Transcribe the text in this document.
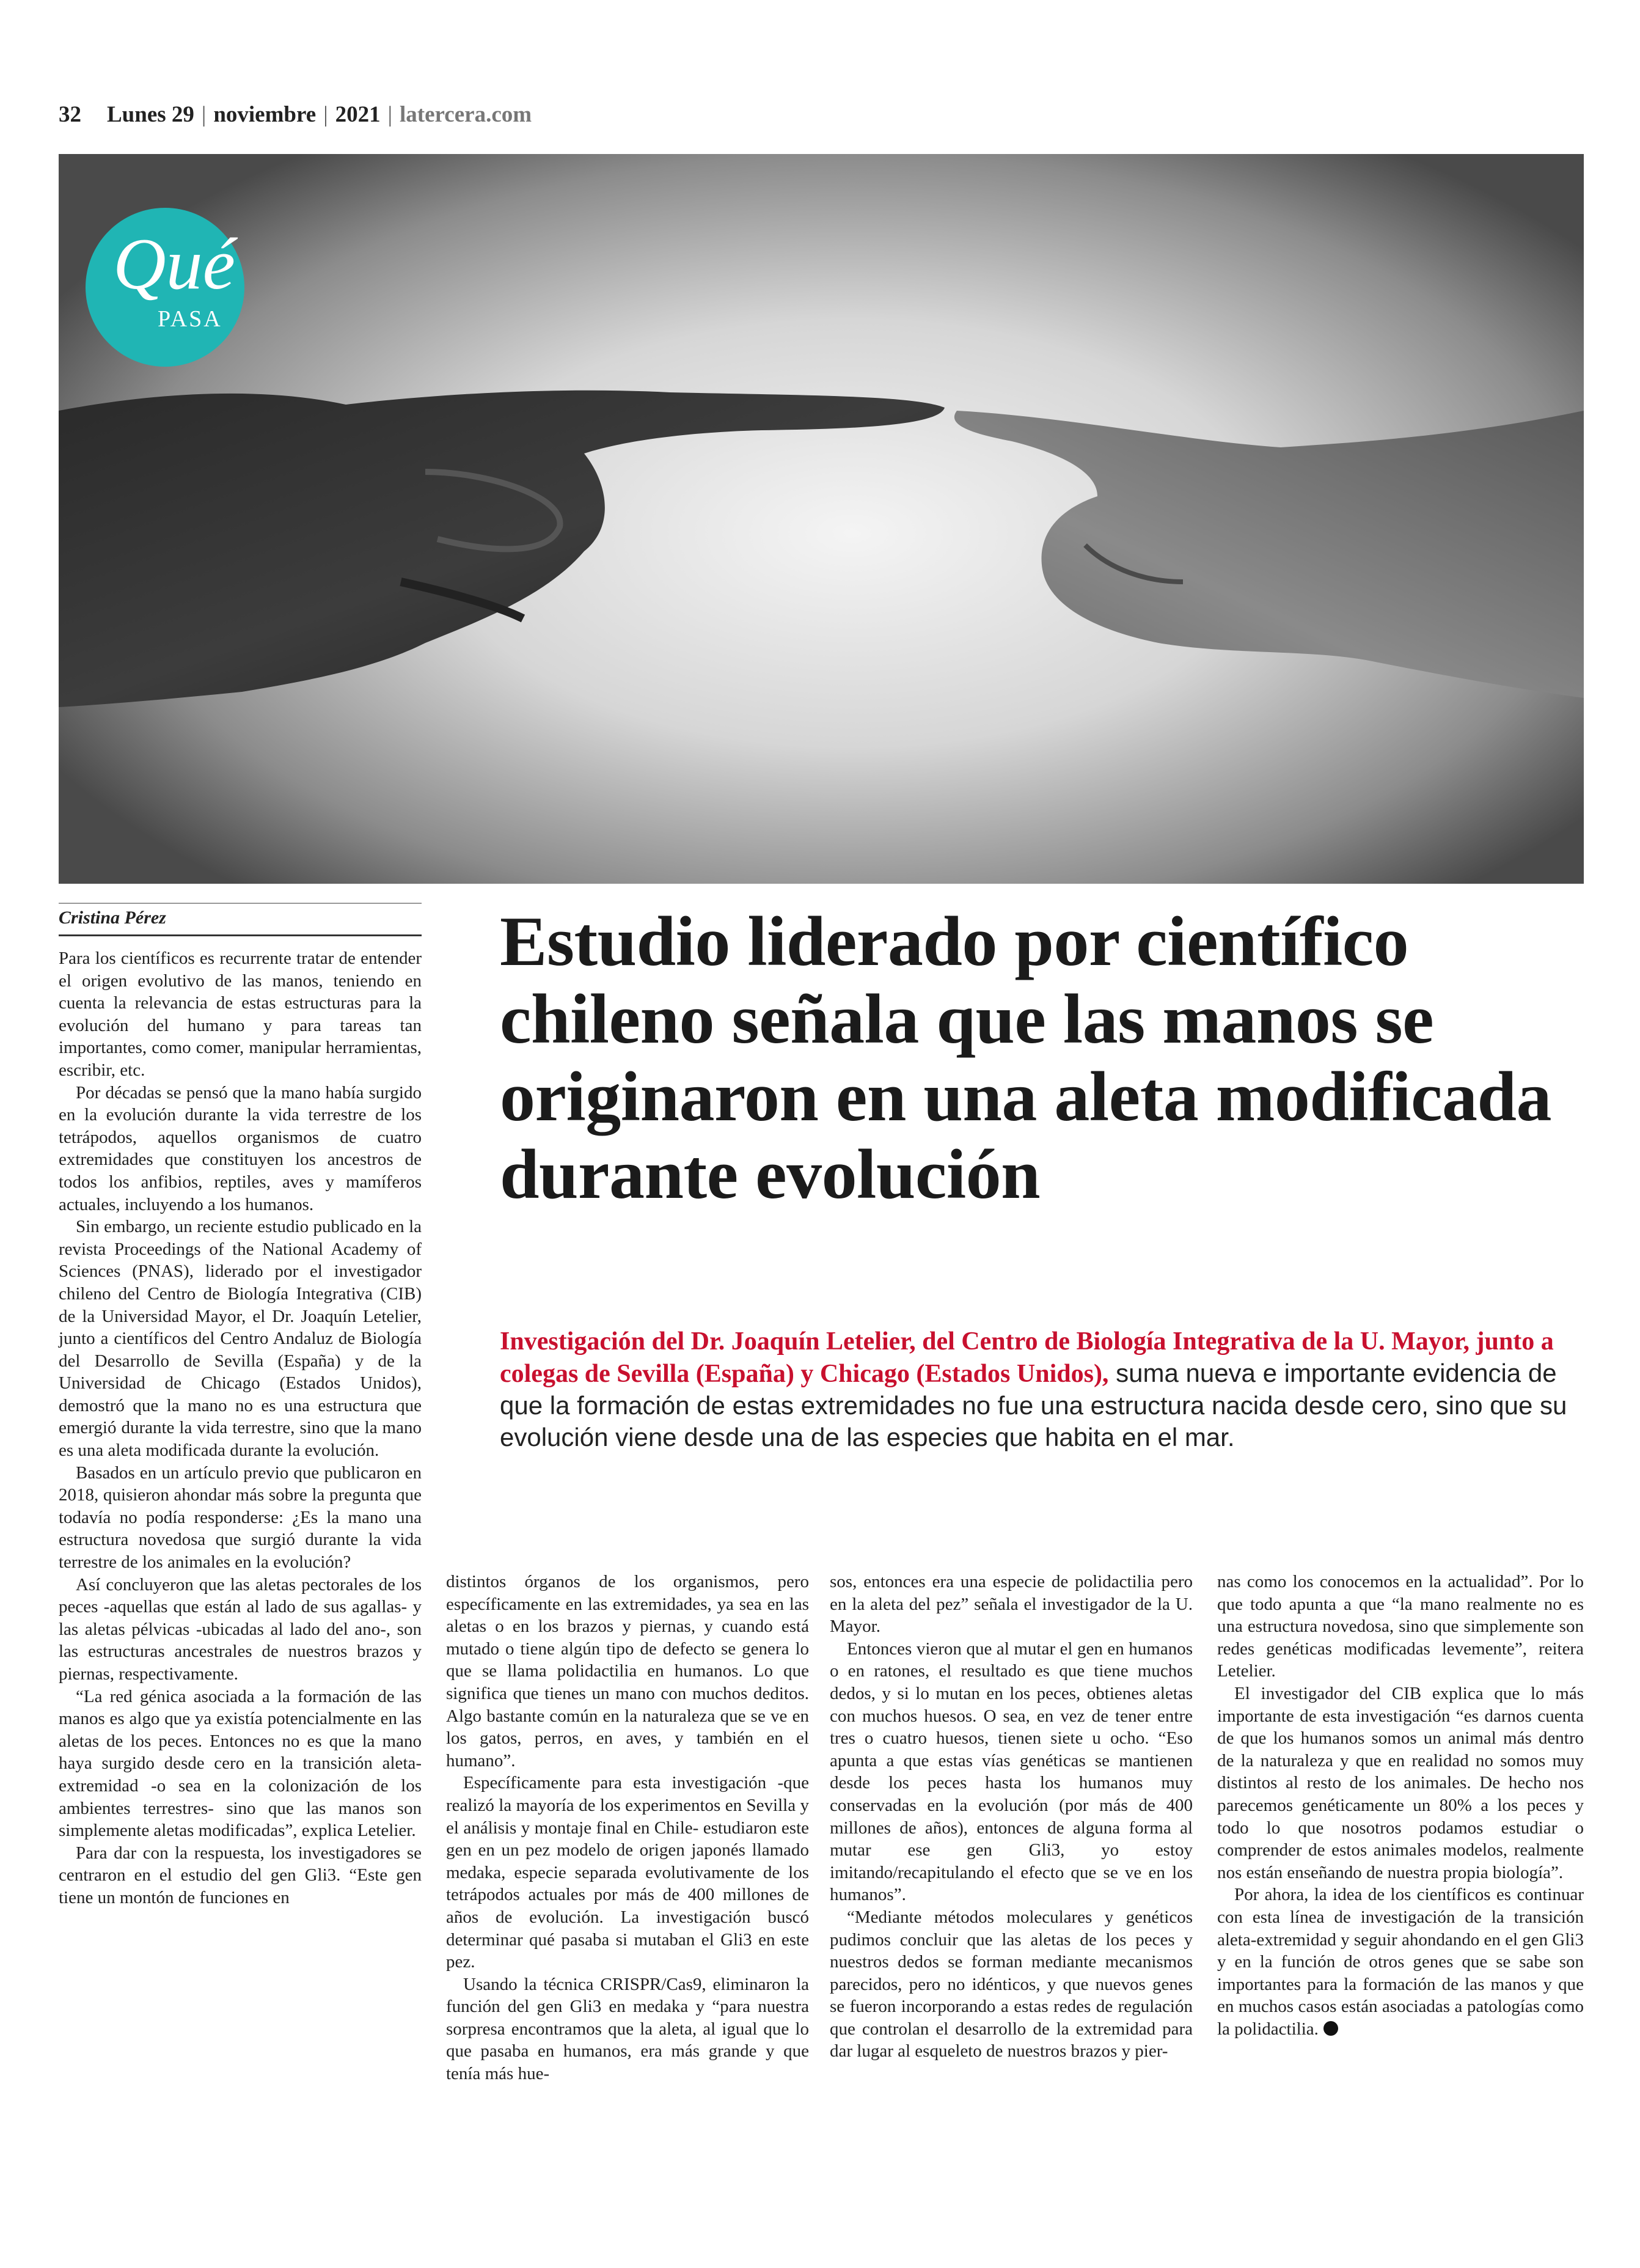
32 Lunes 29 | noviembre | 2021 | latercera.com
Qué
PASA
Cristina Pérez	Estudio liderado por científico chileno señala que las manos se originaron en una aleta modificada durante evolución

Investigación del Dr. Joaquín Letelier, del Centro de Biología Integrativa de la U. Mayor, junto a colegas de Sevilla (España) y Chicago (Estados Unidos), suma nueva e importante evidencia de que la formación de estas extremidades no fue una estructura nacida desde cero, sino que su evolución viene desde una de las especies que habita en el mar.

Para los científicos es recurrente tratar de entender el origen evolutivo de las manos, teniendo en cuenta la relevancia de estas estructuras para la evolución del humano y para tareas tan importantes, como comer, manipular herramientas, escribir, etc.

Por décadas se pensó que la mano había surgido en la evolución durante la vida terrestre de los tetrápodos, aquellos organismos de cuatro extremidades que constituyen los ancestros de todos los anfibios, reptiles, aves y mamíferos actuales, incluyendo a los humanos.

Sin embargo, un reciente estudio publicado en la revista Proceedings of the National Academy of Sciences (PNAS), liderado por el investigador chileno del Centro de Biología Integrativa (CIB) de la Universidad Mayor, el Dr. Joaquín Letelier, junto a científicos del Centro Andaluz de Biología del Desarrollo de Sevilla (España) y de la Universidad de Chicago (Estados Unidos), demostró que la mano no es una estructura que emergió durante la vida terrestre, sino que la mano es una aleta modificada durante la evolución.

Basados en un artículo previo que publicaron en 2018, quisieron ahondar más sobre la pregunta que todavía no podía responderse: ¿Es la mano una estructura novedosa que surgió durante la vida terrestre de los animales en la evolución?

Así concluyeron que las aletas pectorales de los peces -aquellas que están al lado de sus agallas- y las aletas pélvicas -ubicadas al lado del ano-, son las estructuras ancestrales de nuestros brazos y piernas, respectivamente.

“La red génica asociada a la formación de las manos es algo que ya existía potencialmente en las aletas de los peces. Entonces no es que la mano haya surgido desde cero en la transición aleta-extremidad -o sea en la colonización de los ambientes terrestres- sino que las manos son simplemente aletas modificadas”, explica Letelier.

Para dar con la respuesta, los investigadores se centraron en el estudio del gen Gli3. “Este gen tiene un montón de funciones en

distintos órganos de los organismos, pero específicamente en las extremidades, ya sea en las aletas o en los brazos y piernas, y cuando está mutado o tiene algún tipo de defecto se genera lo que se llama polidactilia en humanos. Lo que significa que tienes un mano con muchos deditos. Algo bastante común en la naturaleza que se ve en los gatos, perros, en aves, y también en el humano”.

Específicamente para esta investigación -que realizó la mayoría de los experimentos en Sevilla y el análisis y montaje final en Chile- estudiaron este gen en un pez modelo de origen japonés llamado medaka, especie separada evolutivamente de los tetrápodos actuales por más de 400 millones de años de evolución. La investigación buscó determinar qué pasaba si mutaban el Gli3 en este pez.

Usando la técnica CRISPR/Cas9, eliminaron la función del gen Gli3 en medaka y “para nuestra sorpresa encontramos que la aleta, al igual que lo que pasaba en humanos, era más grande y que tenía más hue-

sos, entonces era una especie de polidactilia pero en la aleta del pez” señala el investigador de la U. Mayor.

Entonces vieron que al mutar el gen en humanos o en ratones, el resultado es que tiene muchos dedos, y si lo mutan en los peces, obtienes aletas con muchos huesos. O sea, en vez de tener entre tres o cuatro huesos, tienen siete u ocho. “Eso apunta a que estas vías genéticas se mantienen desde los peces hasta los humanos muy conservadas en la evolución (por más de 400 millones de años), entonces de alguna forma al mutar ese gen Gli3, yo estoy imitando/recapitulando el efecto que se ve en los humanos”.

“Mediante métodos moleculares y genéticos pudimos concluir que las aletas de los peces y nuestros dedos se forman mediante mecanismos parecidos, pero no idénticos, y que nuevos genes se fueron incorporando a estas redes de regulación que controlan el desarrollo de la extremidad para dar lugar al esqueleto de nuestros brazos y pier-

nas como los conocemos en la actualidad”. Por lo que todo apunta a que “la mano realmente no es una estructura novedosa, sino que simplemente son redes genéticas modificadas levemente”, reitera Letelier.

El investigador del CIB explica que lo más importante de esta investigación “es darnos cuenta de que los humanos somos un animal más dentro de la naturaleza y que en realidad no somos muy distintos al resto de los animales. De hecho nos parecemos genéticamente un 80% a los peces y todo lo que nosotros podamos estudiar o comprender de estos animales modelos, realmente nos están enseñando de nuestra propia biología”.

Por ahora, la idea de los científicos es continuar con esta línea de investigación de la transición aleta-extremidad y seguir ahondando en el gen Gli3 y en la función de otros genes que se sabe son importantes para la formación de las manos y que en muchos casos están asociadas a patologías como la polidactilia.
